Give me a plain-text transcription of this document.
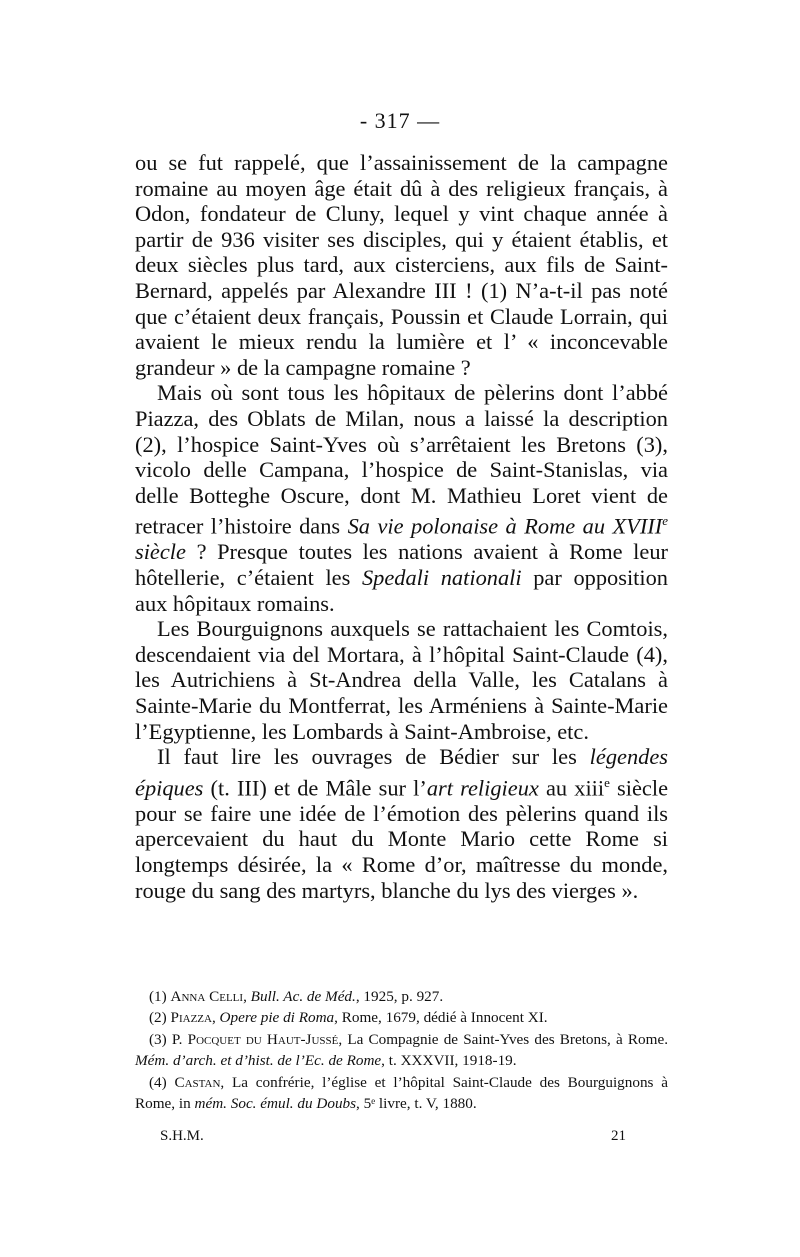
- 317 —

ou se fut rappelé, que l’assainissement de la campagne romaine au moyen âge était dû à des religieux français, à Odon, fondateur de Cluny, lequel y vint chaque année à partir de 936 visiter ses disciples, qui y étaient établis, et deux siècles plus tard, aux cisterciens, aux fils de Saint-Bernard, appelés par Alexandre III ! (1) N’a-t-il pas noté que c’étaient deux français, Poussin et Claude Lorrain, qui avaient le mieux rendu la lumière et l’ « inconcevable grandeur » de la campagne romaine ?

Mais où sont tous les hôpitaux de pèlerins dont l’abbé Piazza, des Oblats de Milan, nous a laissé la description (2), l’hospice Saint-Yves où s’arrêtaient les Bretons (3), vicolo delle Campana, l’hospice de Saint-Stanislas, via delle Botteghe Oscure, dont M. Mathieu Loret vient de retracer l’histoire dans Sa vie polonaise à Rome au XVIIIe siècle ? Presque toutes les nations avaient à Rome leur hôtellerie, c’étaient les Spedali nationali par opposition aux hôpitaux romains.

Les Bourguignons auxquels se rattachaient les Comtois, descendaient via del Mortara, à l’hôpital Saint-Claude (4), les Autrichiens à St-Andrea della Valle, les Catalans à Sainte-Marie du Montferrat, les Arméniens à Sainte-Marie l’Egyptienne, les Lombards à Saint-Ambroise, etc.

Il faut lire les ouvrages de Bédier sur les légendes épiques (t. III) et de Mâle sur l’art religieux au xiii$^e$ siècle pour se faire une idée de l’émotion des pèlerins quand ils apercevaient du haut du Monte Mario cette Rome si longtemps désirée, la « Rome d’or, maîtresse du monde, rouge du sang des martyrs, blanche du lys des vierges ».

(1) Anna Celli, Bull. Ac. de Méd., 1925, p. 927.

(2) Piazza, Opere pie di Roma, Rome, 1679, dédié à Innocent XI.

(3) P. Pocquet du Haut-Jussé, La Compagnie de Saint-Yves des Bretons, à Rome. Mém. d’arch. et d’hist. de l’Ec. de Rome, t. XXXVII, 1918-19.

(4) Castan, La confrérie, l’église et l’hôpital Saint-Claude des Bourguignons à Rome, in mém. Soc. émul. du Doubs, 5ᵉ livre, t. V, 1880.

S.H.M.	21
